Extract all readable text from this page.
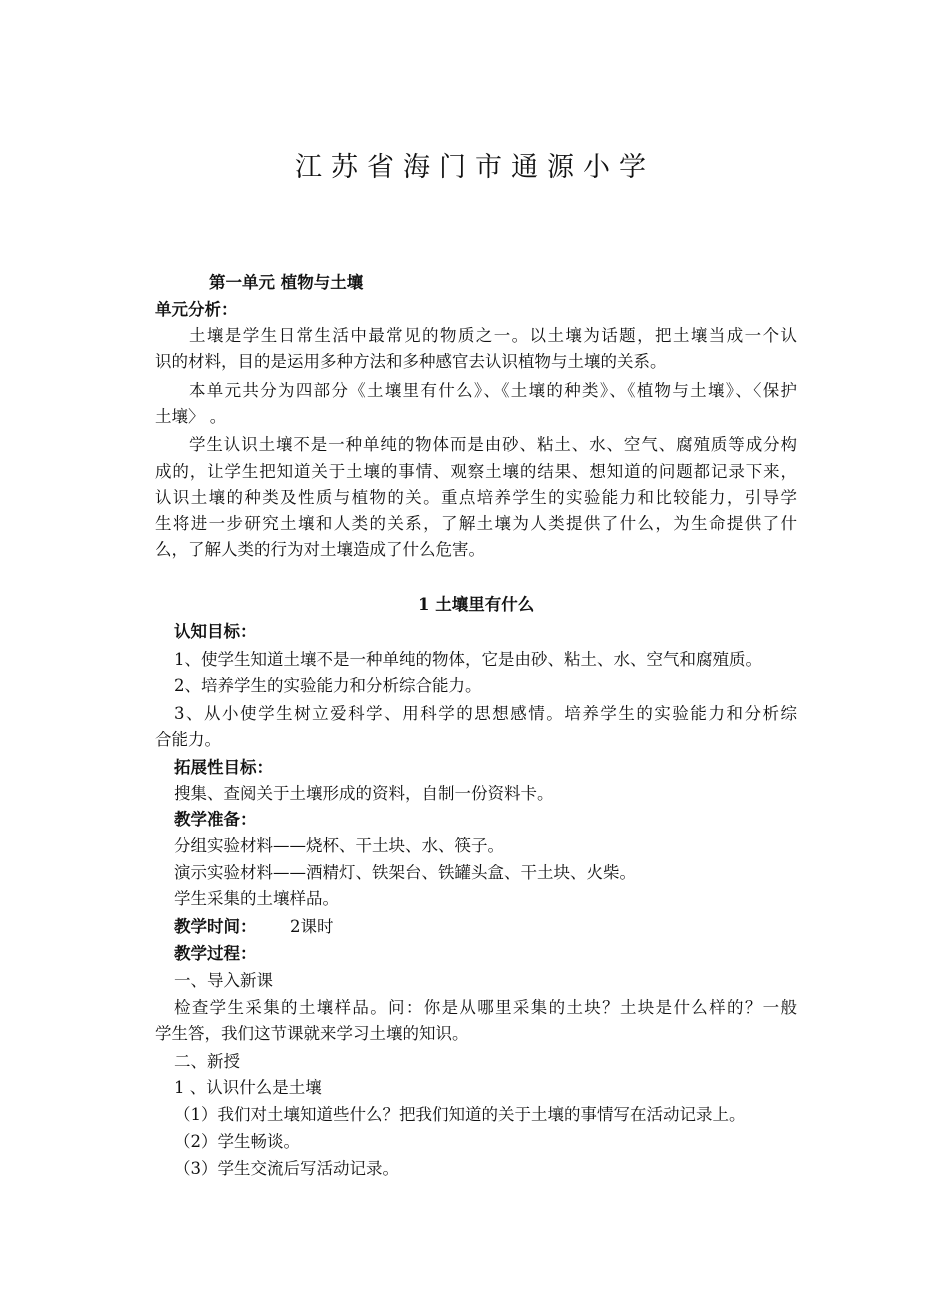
江苏省海门市通源小学
第一单元 植物与土壤
单元分析：
土壤是学生日常生活中最常见的物质之一。以土壤为话题，把土壤当成一个认
识的材料，目的是运用多种方法和多种感官去认识植物与土壤的关系。
本单元共分为四部分《土壤里有什么》、《土壤的种类》、《植物与土壤》、〈保护
土壤〉 。
学生认识土壤不是一种单纯的物体而是由砂、粘土、水、空气、腐殖质等成分构
成的，让学生把知道关于土壤的事情、观察土壤的结果、想知道的问题都记录下来，
认识土壤的种类及性质与植物的关。重点培养学生的实验能力和比较能力，引导学
生将进一步研究土壤和人类的关系，了解土壤为人类提供了什么，为生命提供了什
么，了解人类的行为对土壤造成了什么危害。
1 土壤里有什么
认知目标：
1、使学生知道土壤不是一种单纯的物体，它是由砂、粘土、水、空气和腐殖质。
2、培养学生的实验能力和分析综合能力。
3、从小使学生树立爱科学、用科学的思想感情。培养学生的实验能力和分析综
合能力。
拓展性目标：
搜集、查阅关于土壤形成的资料，自制一份资料卡。
教学准备：
分组实验材料——烧杯、干土块、水、筷子。
演示实验材料——酒精灯、铁架台、铁罐头盒、干土块、火柴。
学生采集的土壤样品。
教学时间： 2课时
教学过程：
一、导入新课
检查学生采集的土壤样品。问：你是从哪里采集的土块？土块是什么样的？一般
学生答，我们这节课就来学习土壤的知识。
二、新授
1 、认识什么是土壤
（1）我们对土壤知道些什么？把我们知道的关于土壤的事情写在活动记录上。
（2）学生畅谈。
（3）学生交流后写活动记录。
